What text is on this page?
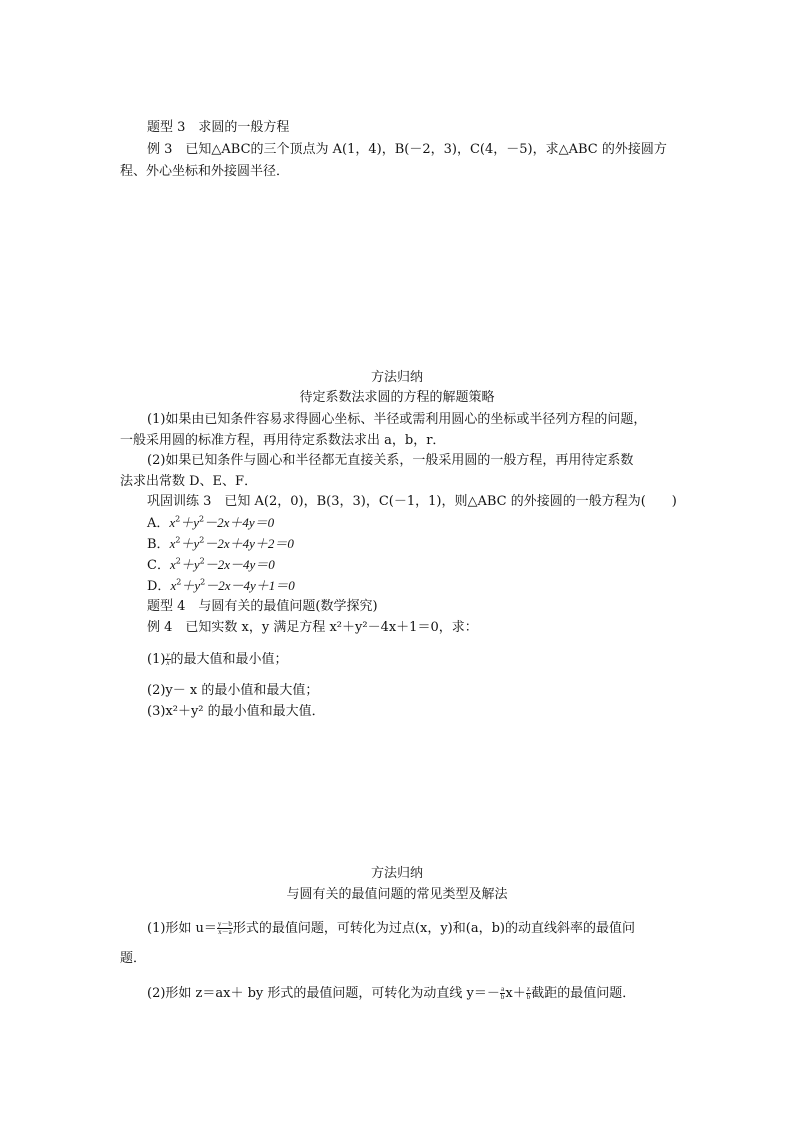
题型 3　求圆的一般方程
例 3　已知△ABC的三个顶点为 A(1，4)，B(－2，3)，C(4，－5)，求△ABC 的外接圆方
程、外心坐标和外接圆半径．
方法归纳
待定系数法求圆的方程的解题策略
(1)如果由已知条件容易求得圆心坐标、半径或需利用圆心的坐标或半径列方程的问题，
一般采用圆的标准方程，再用待定系数法求出 a，b，r．
(2)如果已知条件与圆心和半径都无直接关系，一般采用圆的一般方程，再用待定系数
法求出常数 D、E、F．
巩固训练 3　已知 A(2，0)，B(3，3)，C(－1，1)，则△ABC 的外接圆的一般方程为(　　)
A．$x^2+y^2-2x+4y=0$
B．$x^2+y^2-2x+4y+2=0$
C．$x^2+y^2-2x-4y=0$
D．$x^2+y^2-2x-4y+1=0$
题型 4　与圆有关的最值问题(数学探究)
例 4　已知实数 x，y 满足方程 x²＋y²－4x＋1＝0，求：
$(1) \frac{y}{x}$ 的最大值和最小值；
(2)y－ x 的最小值和最大值；
(3)x²＋y² 的最小值和最大值．
方法归纳
与圆有关的最值问题的常见类型及解法
(1)形如 $u= \frac{y-b}{x-a}$ 形式的最值问题，可转化为过点(x，y)和(a，b)的动直线斜率的最值问
题．
(2)形如 z＝ax＋ by 形式的最值问题，可转化为动直线 $y=- \frac{a}{b} x+ \frac{z}{b}$ 截距的最值问题．
